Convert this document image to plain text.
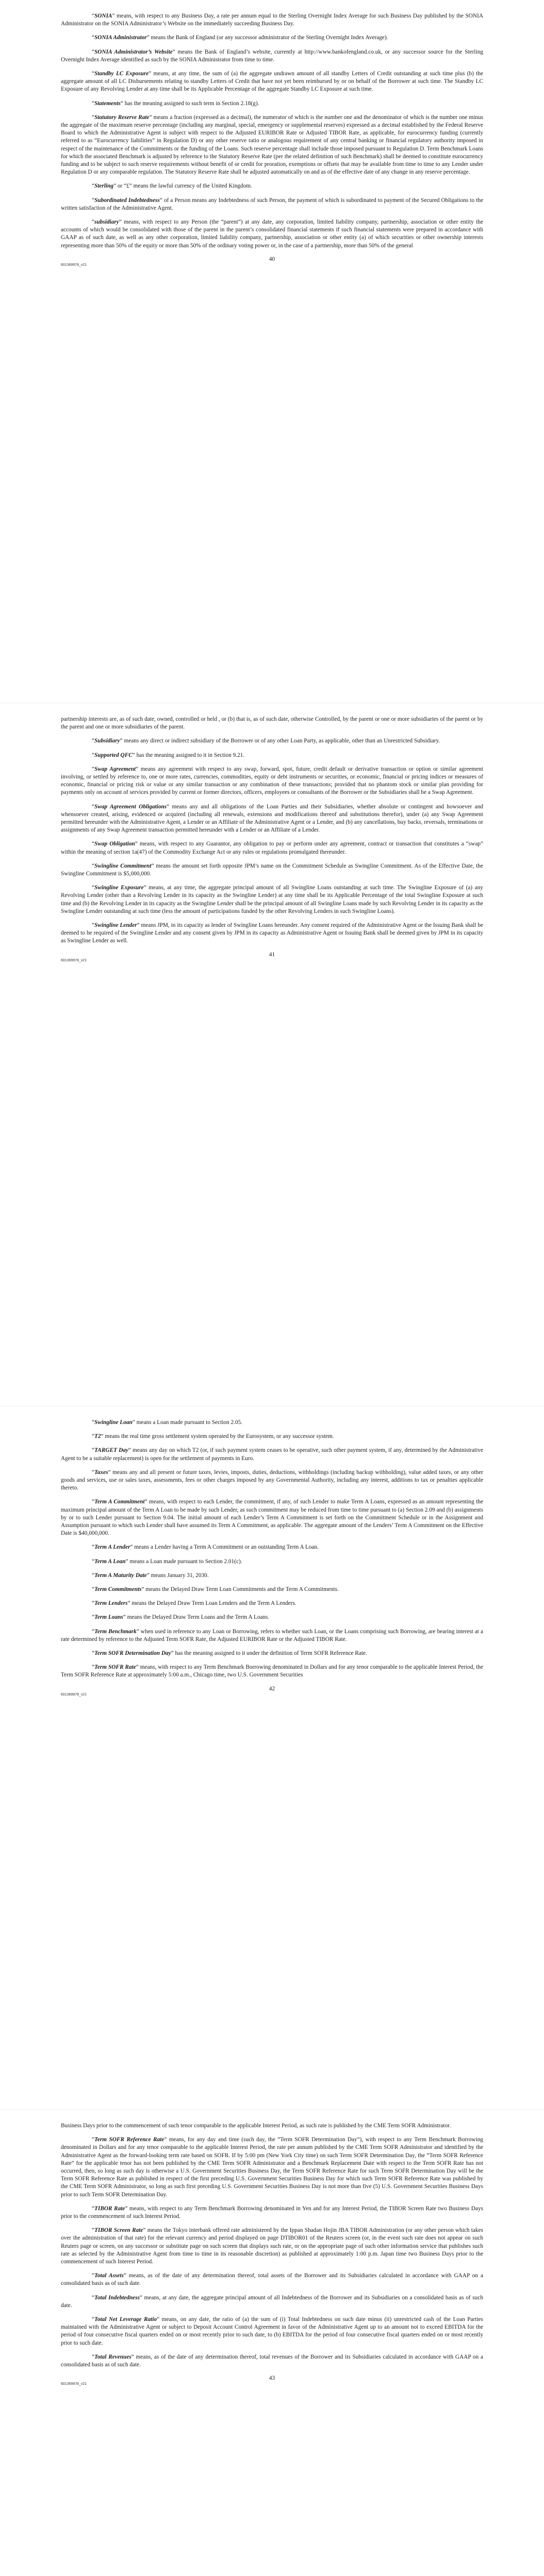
“SONIA” means, with respect to any Business Day, a rate per annum equal to the Sterling Overnight Index Average for such Business Day published by the SONIA Administrator on the SONIA Administrator’s Website on the immediately succeeding Business Day.

“SONIA Administrator” means the Bank of England (or any successor administrator of the Sterling Overnight Index Average).

“SONIA Administrator’s Website” means the Bank of England’s website, currently at http://www.bankofengland.co.uk, or any successor source for the Sterling Overnight Index Average identified as such by the SONIA Administrator from time to time.

“Standby LC Exposure” means, at any time, the sum of (a) the aggregate undrawn amount of all standby Letters of Credit outstanding at such time plus (b) the aggregate amount of all LC Disbursements relating to standby Letters of Credit that have not yet been reimbursed by or on behalf of the Borrower at such time. The Standby LC Exposure of any Revolving Lender at any time shall be its Applicable Percentage of the aggregate Standby LC Exposure at such time.

“Statements” has the meaning assigned to such term in Section 2.18(g).

“Statutory Reserve Rate” means a fraction (expressed as a decimal), the numerator of which is the number one and the denominator of which is the number one minus the aggregate of the maximum reserve percentage (including any marginal, special, emergency or supplemental reserves) expressed as a decimal established by the Federal Reserve Board to which the Administrative Agent is subject with respect to the Adjusted EURIBOR Rate or Adjusted TIBOR Rate, as applicable, for eurocurrency funding (currently referred to as “Eurocurrency liabilities” in Regulation D) or any other reserve ratio or analogous requirement of any central banking or financial regulatory authority imposed in respect of the maintenance of the Commitments or the funding of the Loans. Such reserve percentage shall include those imposed pursuant to Regulation D. Term Benchmark Loans for which the associated Benchmark is adjusted by reference to the Statutory Reserve Rate (per the related definition of such Benchmark) shall be deemed to constitute eurocurrency funding and to be subject to such reserve requirements without benefit of or credit for proration, exemptions or offsets that may be available from time to time to any Lender under Regulation D or any comparable regulation. The Statutory Reserve Rate shall be adjusted automatically on and as of the effective date of any change in any reserve percentage.

“Sterling” or “£” means the lawful currency of the United Kingdom.

“Subordinated Indebtedness” of a Person means any Indebtedness of such Person, the payment of which is subordinated to payment of the Secured Obligations to the written satisfaction of the Administrative Agent.

“subsidiary” means, with respect to any Person (the “parent”) at any date, any corporation, limited liability company, partnership, association or other entity the accounts of which would be consolidated with those of the parent in the parent’s consolidated financial statements if such financial statements were prepared in accordance with GAAP as of such date, as well as any other corporation, limited liability company, partnership, association or other entity (a) of which securities or other ownership interests representing more than 50% of the equity or more than 50% of the ordinary voting power or, in the case of a partnership, more than 50% of the general

40
601369978_v21

partnership interests are, as of such date, owned, controlled or held , or (b) that is, as of such date, otherwise Controlled, by the parent or one or more subsidiaries of the parent or by the parent and one or more subsidiaries of the parent.

“Subsidiary” means any direct or indirect subsidiary of the Borrower or of any other Loan Party, as applicable, other than an Unrestricted Subsidiary.

“Supported QFC” has the meaning assigned to it in Section 9.21.

“Swap Agreement” means any agreement with respect to any swap, forward, spot, future, credit default or derivative transaction or option or similar agreement involving, or settled by reference to, one or more rates, currencies, commodities, equity or debt instruments or securities, or economic, financial or pricing indices or measures of economic, financial or pricing risk or value or any similar transaction or any combination of these transactions; provided that no phantom stock or similar plan providing for payments only on account of services provided by current or former directors, officers, employees or consultants of the Borrower or the Subsidiaries shall be a Swap Agreement.

“Swap Agreement Obligations” means any and all obligations of the Loan Parties and their Subsidiaries, whether absolute or contingent and howsoever and whensoever created, arising, evidenced or acquired (including all renewals, extensions and modifications thereof and substitutions therefor), under (a) any Swap Agreement permitted hereunder with the Administrative Agent, a Lender or an Affiliate of the Administrative Agent or a Lender, and (b) any cancellations, buy backs, reversals, terminations or assignments of any Swap Agreement transaction permitted hereunder with a Lender or an Affiliate of a Lender.

“Swap Obligation” means, with respect to any Guarantor, any obligation to pay or perform under any agreement, contract or transaction that constitutes a “swap” within the meaning of section 1a(47) of the Commodity Exchange Act or any rules or regulations promulgated thereunder.

“Swingline Commitment” means the amount set forth opposite JPM’s name on the Commitment Schedule as Swingline Commitment. As of the Effective Date, the Swingline Commitment is $5,000,000.

“Swingline Exposure” means, at any time, the aggregate principal amount of all Swingline Loans outstanding at such time. The Swingline Exposure of (a) any Revolving Lender (other than a Revolving Lender in its capacity as the Swingline Lender) at any time shall be its Applicable Percentage of the total Swingline Exposure at such time and (b) the Revolving Lender in its capacity as the Swingline Lender shall be the principal amount of all Swingline Loans made by such Revolving Lender in its capacity as the Swingline Lender outstanding at such time (less the amount of participations funded by the other Revolving Lenders in such Swingline Loans).

“Swingline Lender” means JPM, in its capacity as lender of Swingline Loans hereunder. Any consent required of the Administrative Agent or the Issuing Bank shall be deemed to be required of the Swingline Lender and any consent given by JPM in its capacity as Administrative Agent or Issuing Bank shall be deemed given by JPM in its capacity as Swingline Lender as well.

41
601369978_v21

“Swingline Loan” means a Loan made pursuant to Section 2.05.

“T2” means the real time gross settlement system operated by the Eurosystem, or any successor system.

“TARGET Day” means any day on which T2 (or, if such payment system ceases to be operative, such other payment system, if any, determined by the Administrative Agent to be a suitable replacement) is open for the settlement of payments in Euro.

“Taxes” means any and all present or future taxes, levies, imposts, duties, deductions, withholdings (including backup withholding), value added taxes, or any other goods and services, use or sales taxes, assessments, fees or other charges imposed by any Governmental Authority, including any interest, additions to tax or penalties applicable thereto.

“Term A Commitment” means, with respect to each Lender, the commitment, if any, of such Lender to make Term A Loans, expressed as an amount representing the maximum principal amount of the Term A Loan to be made by such Lender, as such commitment may be reduced from time to time pursuant to (a) Section 2.09 and (b) assignments by or to such Lender pursuant to Section 9.04. The initial amount of each Lender’s Term A Commitment is set forth on the Commitment Schedule or in the Assignment and Assumption pursuant to which such Lender shall have assumed its Term A Commitment, as applicable. The aggregate amount of the Lenders’ Term A Commitment on the Effective Date is $40,000,000.

“Term A Lender” means a Lender having a Term A Commitment or an outstanding Term A Loan.

“Term A Loan” means a Loan made pursuant to Section 2.01(c).

“Term A Maturity Date” means January 31, 2030.

“Term Commitments” means the Delayed Draw Term Loan Commitments and the Term A Commitments.

“Term Lenders” means the Delayed Draw Term Loan Lenders and the Term A Lenders.

“Term Loans” means the Delayed Draw Term Loans and the Term A Loans.

“Term Benchmark” when used in reference to any Loan or Borrowing, refers to whether such Loan, or the Loans comprising such Borrowing, are bearing interest at a rate determined by reference to the Adjusted Term SOFR Rate, the Adjusted EURIBOR Rate or the Adjusted TIBOR Rate.

“Term SOFR Determination Day” has the meaning assigned to it under the definition of Term SOFR Reference Rate.

“Term SOFR Rate” means, with respect to any Term Benchmark Borrowing denominated in Dollars and for any tenor comparable to the applicable Interest Period, the Term SOFR Reference Rate at approximately 5:00 a.m., Chicago time, two U.S. Government Securities

42
601369978_v21

Business Days prior to the commencement of such tenor comparable to the applicable Interest Period, as such rate is published by the CME Term SOFR Administrator.

“Term SOFR Reference Rate” means, for any day and time (such day, the “Term SOFR Determination Day”), with respect to any Term Benchmark Borrowing denominated in Dollars and for any tenor comparable to the applicable Interest Period, the rate per annum published by the CME Term SOFR Administrator and identified by the Administrative Agent as the forward-looking term rate based on SOFR. If by 5:00 pm (New York City time) on such Term SOFR Determination Day, the “Term SOFR Reference Rate” for the applicable tenor has not been published by the CME Term SOFR Administrator and a Benchmark Replacement Date with respect to the Term SOFR Rate has not occurred, then, so long as such day is otherwise a U.S. Government Securities Business Day, the Term SOFR Reference Rate for such Term SOFR Determination Day will be the Term SOFR Reference Rate as published in respect of the first preceding U.S. Government Securities Business Day for which such Term SOFR Reference Rate was published by the CME Term SOFR Administrator, so long as such first preceding U.S. Government Securities Business Day is not more than five (5) U.S. Government Securities Business Days prior to such Term SOFR Determination Day.

“TIBOR Rate” means, with respect to any Term Benchmark Borrowing denominated in Yen and for any Interest Period, the TIBOR Screen Rate two Business Days prior to the commencement of such Interest Period.

“TIBOR Screen Rate” means the Tokyo interbank offered rate administered by the Ippan Shadan Hojin JBA TIBOR Administration (or any other person which takes over the administration of that rate) for the relevant currency and period displayed on page DTIBOR01 of the Reuters screen (or, in the event such rate does not appear on such Reuters page or screen, on any successor or substitute page on such screen that displays such rate, or on the appropriate page of such other information service that publishes such rate as selected by the Administrative Agent from time to time in its reasonable discretion) as published at approximately 1:00 p.m. Japan time two Business Days prior to the commencement of such Interest Period.

“Total Assets” means, as of the date of any determination thereof, total assets of the Borrower and its Subsidiaries calculated in accordance with GAAP on a consolidated basis as of such date.

“Total Indebtedness” means, at any date, the aggregate principal amount of all Indebtedness of the Borrower and its Subsidiaries on a consolidated basis as of such date.

“Total Net Leverage Ratio” means, on any date, the ratio of (a) the sum of (i) Total Indebtedness on such date minus (ii) unrestricted cash of the Loan Parties maintained with the Administrative Agent or subject to Deposit Account Control Agreement in favor of the Administrative Agent up to an amount not to exceed EBITDA for the period of four consecutive fiscal quarters ended on or most recently prior to such date, to (b) EBITDA for the period of four consecutive fiscal quarters ended on or most recently prior to such date.

“Total Revenues” means, as of the date of any determination thereof, total revenues of the Borrower and its Subsidiaries calculated in accordance with GAAP on a consolidated basis as of such date.

43
601369978_v21
